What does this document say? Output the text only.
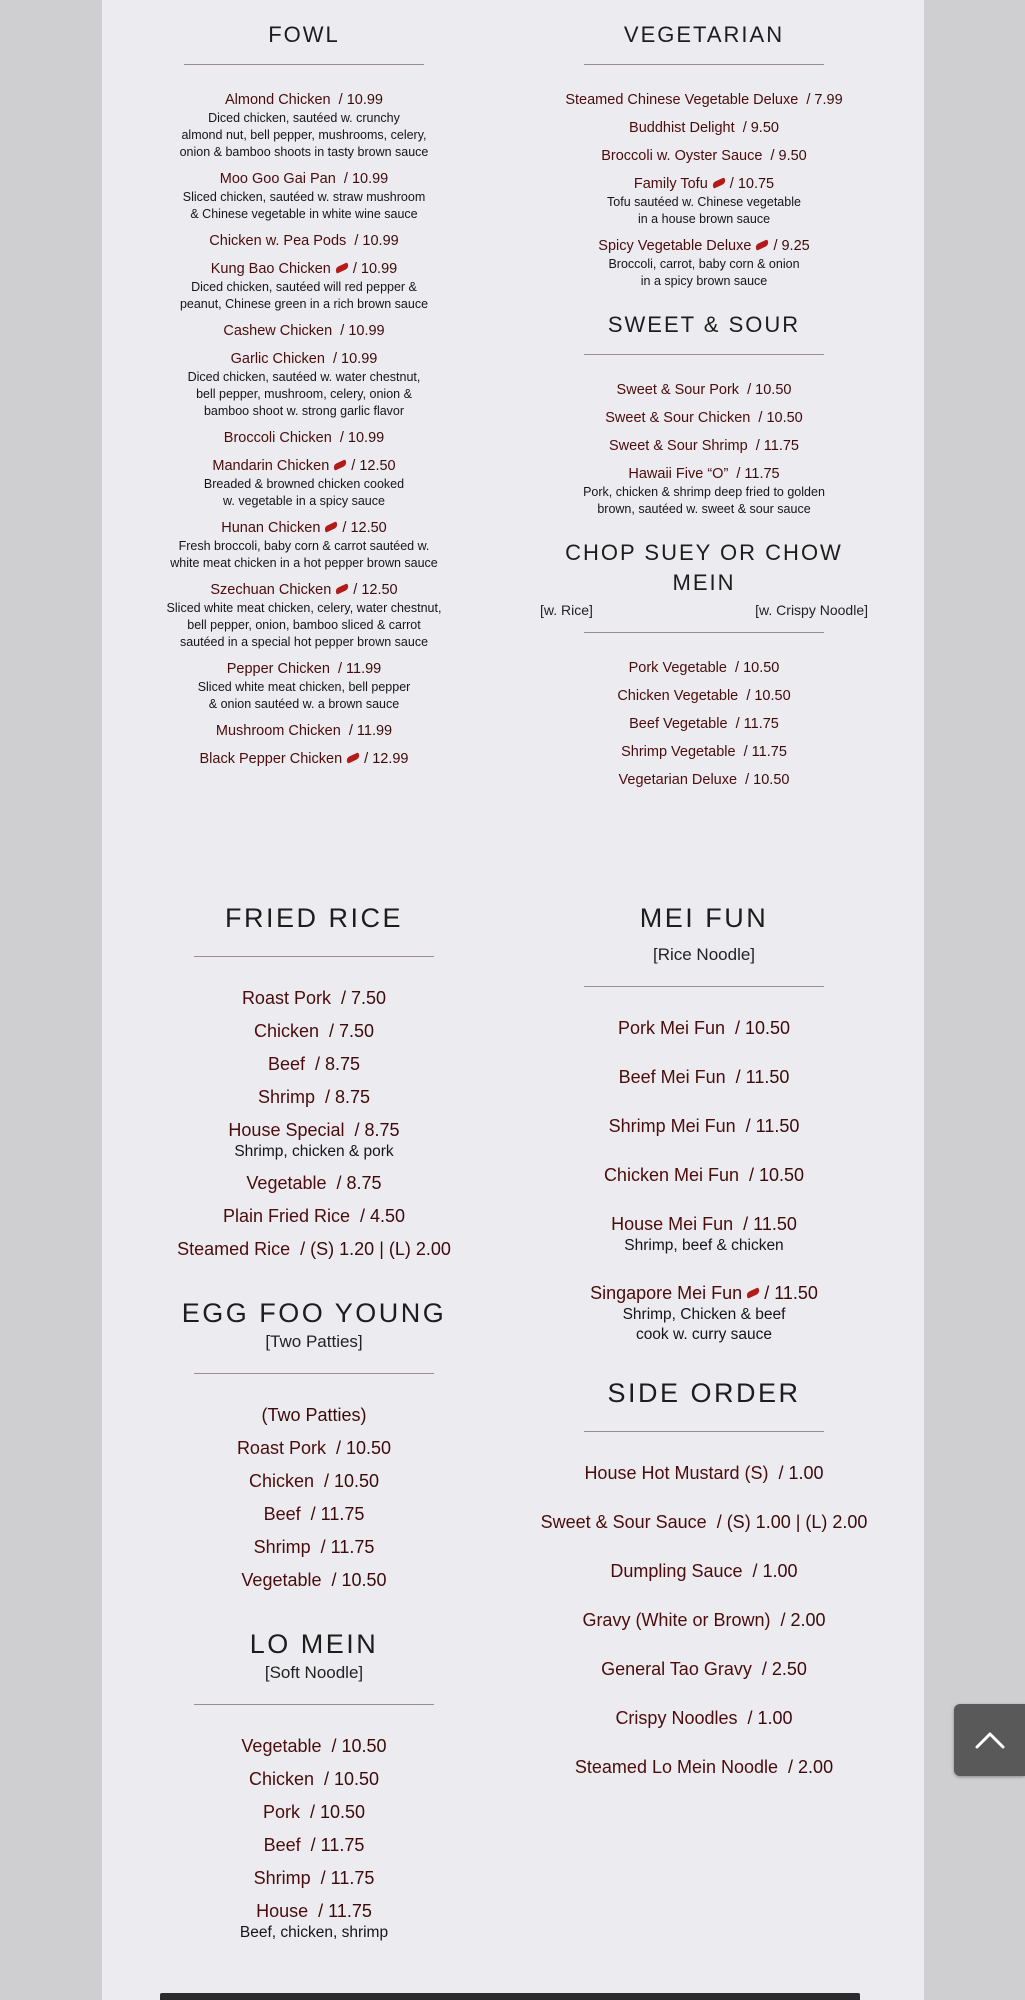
FOWL
Almond Chicken / 10.99
Diced chicken, sautéed w. crunchy
almond nut, bell pepper, mushrooms, celery,
onion & bamboo shoots in tasty brown sauce
Moo Goo Gai Pan / 10.99
Sliced chicken, sautéed w. straw mushroom
& Chinese vegetable in white wine sauce
Chicken w. Pea Pods / 10.99
Kung Bao Chicken / 10.99
Diced chicken, sautéed will red pepper &
peanut, Chinese green in a rich brown sauce
Cashew Chicken / 10.99
Garlic Chicken / 10.99
Diced chicken, sautéed w. water chestnut,
bell pepper, mushroom, celery, onion &
bamboo shoot w. strong garlic flavor
Broccoli Chicken / 10.99
Mandarin Chicken / 12.50
Breaded & browned chicken cooked
w. vegetable in a spicy sauce
Hunan Chicken / 12.50
Fresh broccoli, baby corn & carrot sautéed w.
white meat chicken in a hot pepper brown sauce
Szechuan Chicken / 12.50
Sliced white meat chicken, celery, water chestnut,
bell pepper, onion, bamboo sliced & carrot
sautéed in a special hot pepper brown sauce
Pepper Chicken / 11.99
Sliced white meat chicken, bell pepper
& onion sautéed w. a brown sauce
Mushroom Chicken / 11.99
Black Pepper Chicken / 12.99
VEGETARIAN
Steamed Chinese Vegetable Deluxe / 7.99
Buddhist Delight / 9.50
Broccoli w. Oyster Sauce / 9.50
Family Tofu / 10.75
Tofu sautéed w. Chinese vegetable
in a house brown sauce
Spicy Vegetable Deluxe / 9.25
Broccoli, carrot, baby corn & onion
in a spicy brown sauce
SWEET & SOUR
Sweet & Sour Pork / 10.50
Sweet & Sour Chicken / 10.50
Sweet & Sour Shrimp / 11.75
Hawaii Five “O” / 11.75
Pork, chicken & shrimp deep fried to golden
brown, sautéed w. sweet & sour sauce
CHOP SUEY OR CHOW MEIN
[w. Rice]	[w. Crispy Noodle]
Pork Vegetable / 10.50
Chicken Vegetable / 10.50
Beef Vegetable / 11.75
Shrimp Vegetable / 11.75
Vegetarian Deluxe / 10.50
FRIED RICE
Roast Pork / 7.50
Chicken / 7.50
Beef / 8.75
Shrimp / 8.75
House Special / 8.75
Shrimp, chicken & pork
Vegetable / 8.75
Plain Fried Rice / 4.50
Steamed Rice / (S) 1.20 | (L) 2.00
EGG FOO YOUNG
[Two Patties]
(Two Patties)
Roast Pork / 10.50
Chicken / 10.50
Beef / 11.75
Shrimp / 11.75
Vegetable / 10.50
LO MEIN
[Soft Noodle]
Vegetable / 10.50
Chicken / 10.50
Pork / 10.50
Beef / 11.75
Shrimp / 11.75
House / 11.75
Beef, chicken, shrimp
MEI FUN
[Rice Noodle]
Pork Mei Fun / 10.50
Beef Mei Fun / 11.50
Shrimp Mei Fun / 11.50
Chicken Mei Fun / 10.50
House Mei Fun / 11.50
Shrimp, beef & chicken
Singapore Mei Fun / 11.50
Shrimp, Chicken & beef
cook w. curry sauce
SIDE ORDER
House Hot Mustard (S) / 1.00
Sweet & Sour Sauce / (S) 1.00 | (L) 2.00
Dumpling Sauce / 1.00
Gravy (White or Brown) / 2.00
General Tao Gravy / 2.50
Crispy Noodles / 1.00
Steamed Lo Mein Noodle / 2.00
